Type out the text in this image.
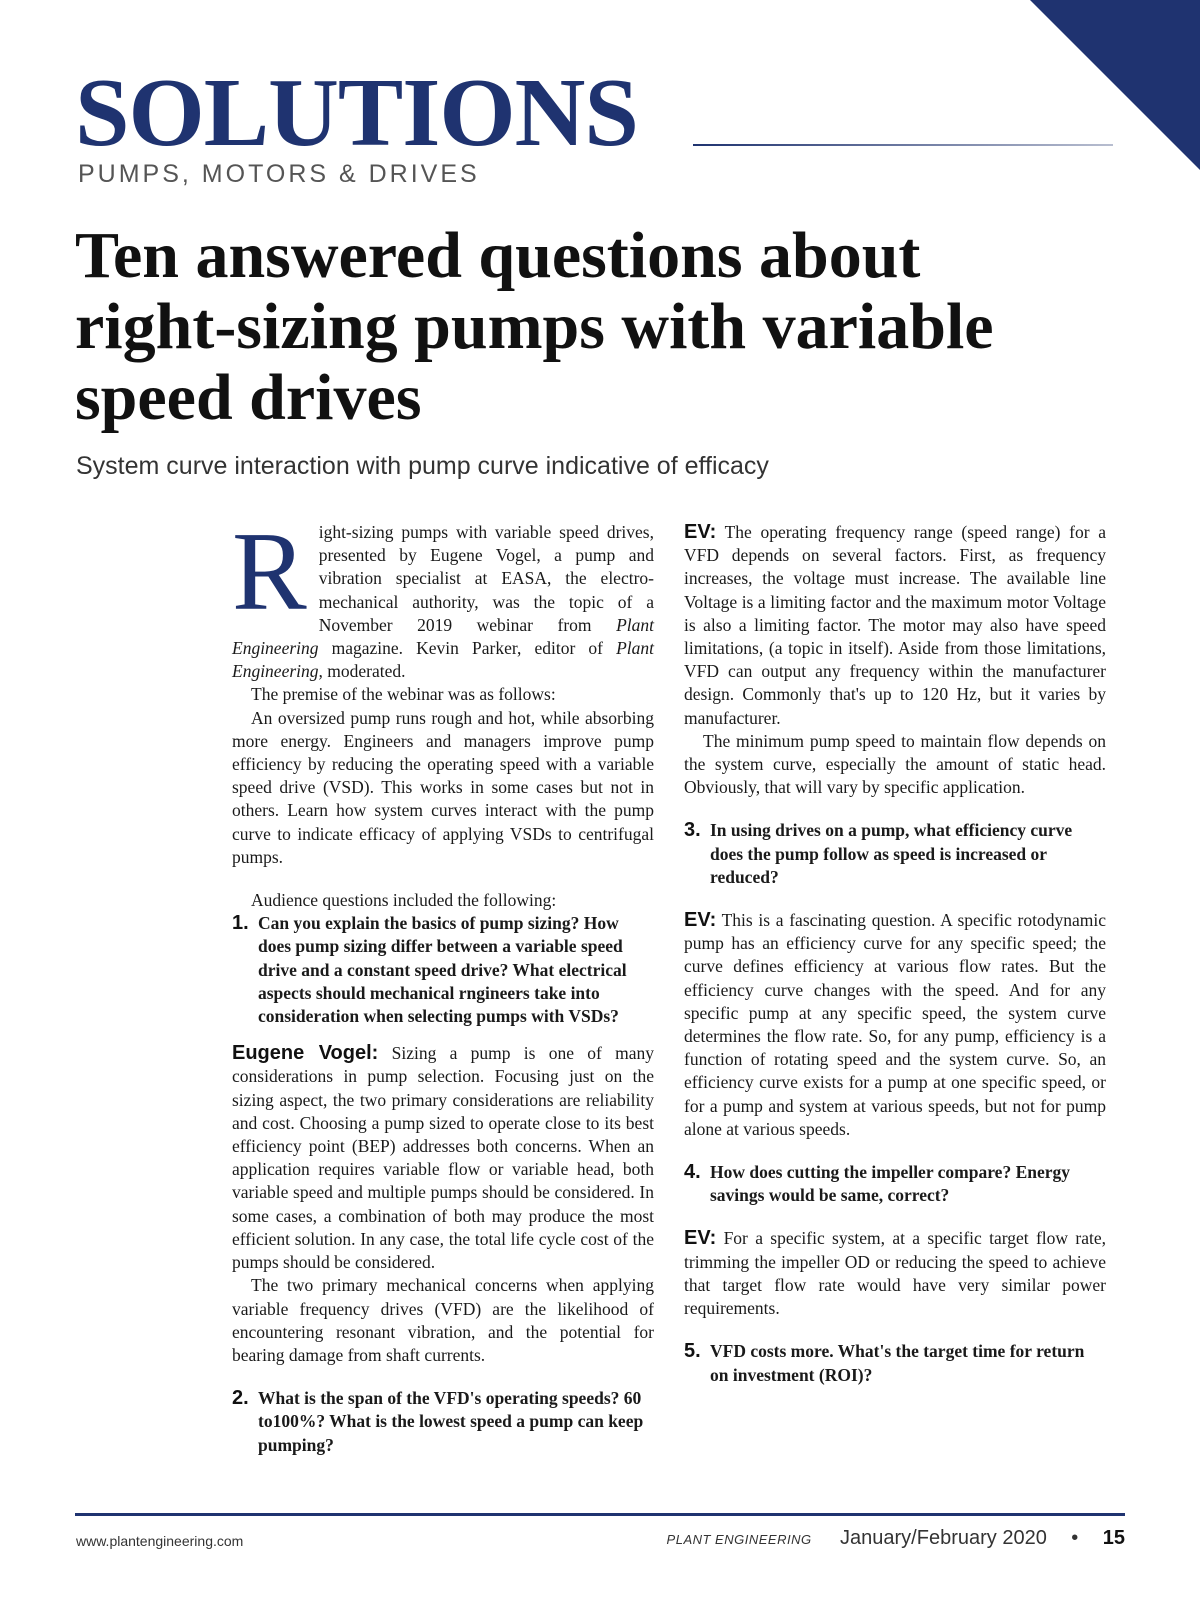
SOLUTIONS
PUMPS, MOTORS & DRIVES
Ten answered questions about right-sizing pumps with variable speed drives
System curve interaction with pump curve indicative of efficacy

Right-sizing pumps with variable speed drives, presented by Eugene Vogel, a pump and vibration specialist at EASA, the electro-mechanical authority, was the topic of a November 2019 webinar from Plant Engineering magazine. Kevin Parker, editor of Plant Engineering, moderated.

The premise of the webinar was as follows:

An oversized pump runs rough and hot, while absorbing more energy. Engineers and managers improve pump efficiency by reducing the operating speed with a variable speed drive (VSD). This works in some cases but not in others. Learn how system curves interact with the pump curve to indicate efficacy of applying VSDs to centrifugal pumps.

Audience questions included the following:

1. Can you explain the basics of pump sizing? How does pump sizing differ between a variable speed drive and a constant speed drive? What electrical aspects should mechanical rngineers take into consideration when selecting pumps with VSDs?

Eugene Vogel: Sizing a pump is one of many considerations in pump selection. Focusing just on the sizing aspect, the two primary considerations are reliability and cost. Choosing a pump sized to operate close to its best efficiency point (BEP) addresses both concerns. When an application requires variable flow or variable head, both variable speed and multiple pumps should be considered. In some cases, a combination of both may produce the most efficient solution. In any case, the total life cycle cost of the pumps should be considered.

The two primary mechanical concerns when applying variable frequency drives (VFD) are the likelihood of encountering resonant vibration, and the potential for bearing damage from shaft currents.

2. What is the span of the VFD's operating speeds? 60 to100%? What is the lowest speed a pump can keep pumping?

EV: The operating frequency range (speed range) for a VFD depends on several factors. First, as frequency increases, the voltage must increase. The available line Voltage is a limiting factor and the maximum motor Voltage is also a limiting factor. The motor may also have speed limitations, (a topic in itself). Aside from those limitations, VFD can output any frequency within the manufacturer design. Commonly that's up to 120 Hz, but it varies by manufacturer.

The minimum pump speed to maintain flow depends on the system curve, especially the amount of static head. Obviously, that will vary by specific application.

3. In using drives on a pump, what efficiency curve does the pump follow as speed is increased or reduced?

EV: This is a fascinating question. A specific rotodynamic pump has an efficiency curve for any specific speed; the curve defines efficiency at various flow rates. But the efficiency curve changes with the speed. And for any specific pump at any specific speed, the system curve determines the flow rate. So, for any pump, efficiency is a function of rotating speed and the system curve. So, an efficiency curve exists for a pump at one specific speed, or for a pump and system at various speeds, but not for pump alone at various speeds.

4. How does cutting the impeller compare? Energy savings would be same, correct?

EV: For a specific system, at a specific target flow rate, trimming the impeller OD or reducing the speed to achieve that target flow rate would have very similar power requirements.

5. VFD costs more. What's the target time for return on investment (ROI)?
www.plantengineering.com	PLANT ENGINEERING January/February 2020 • 15
